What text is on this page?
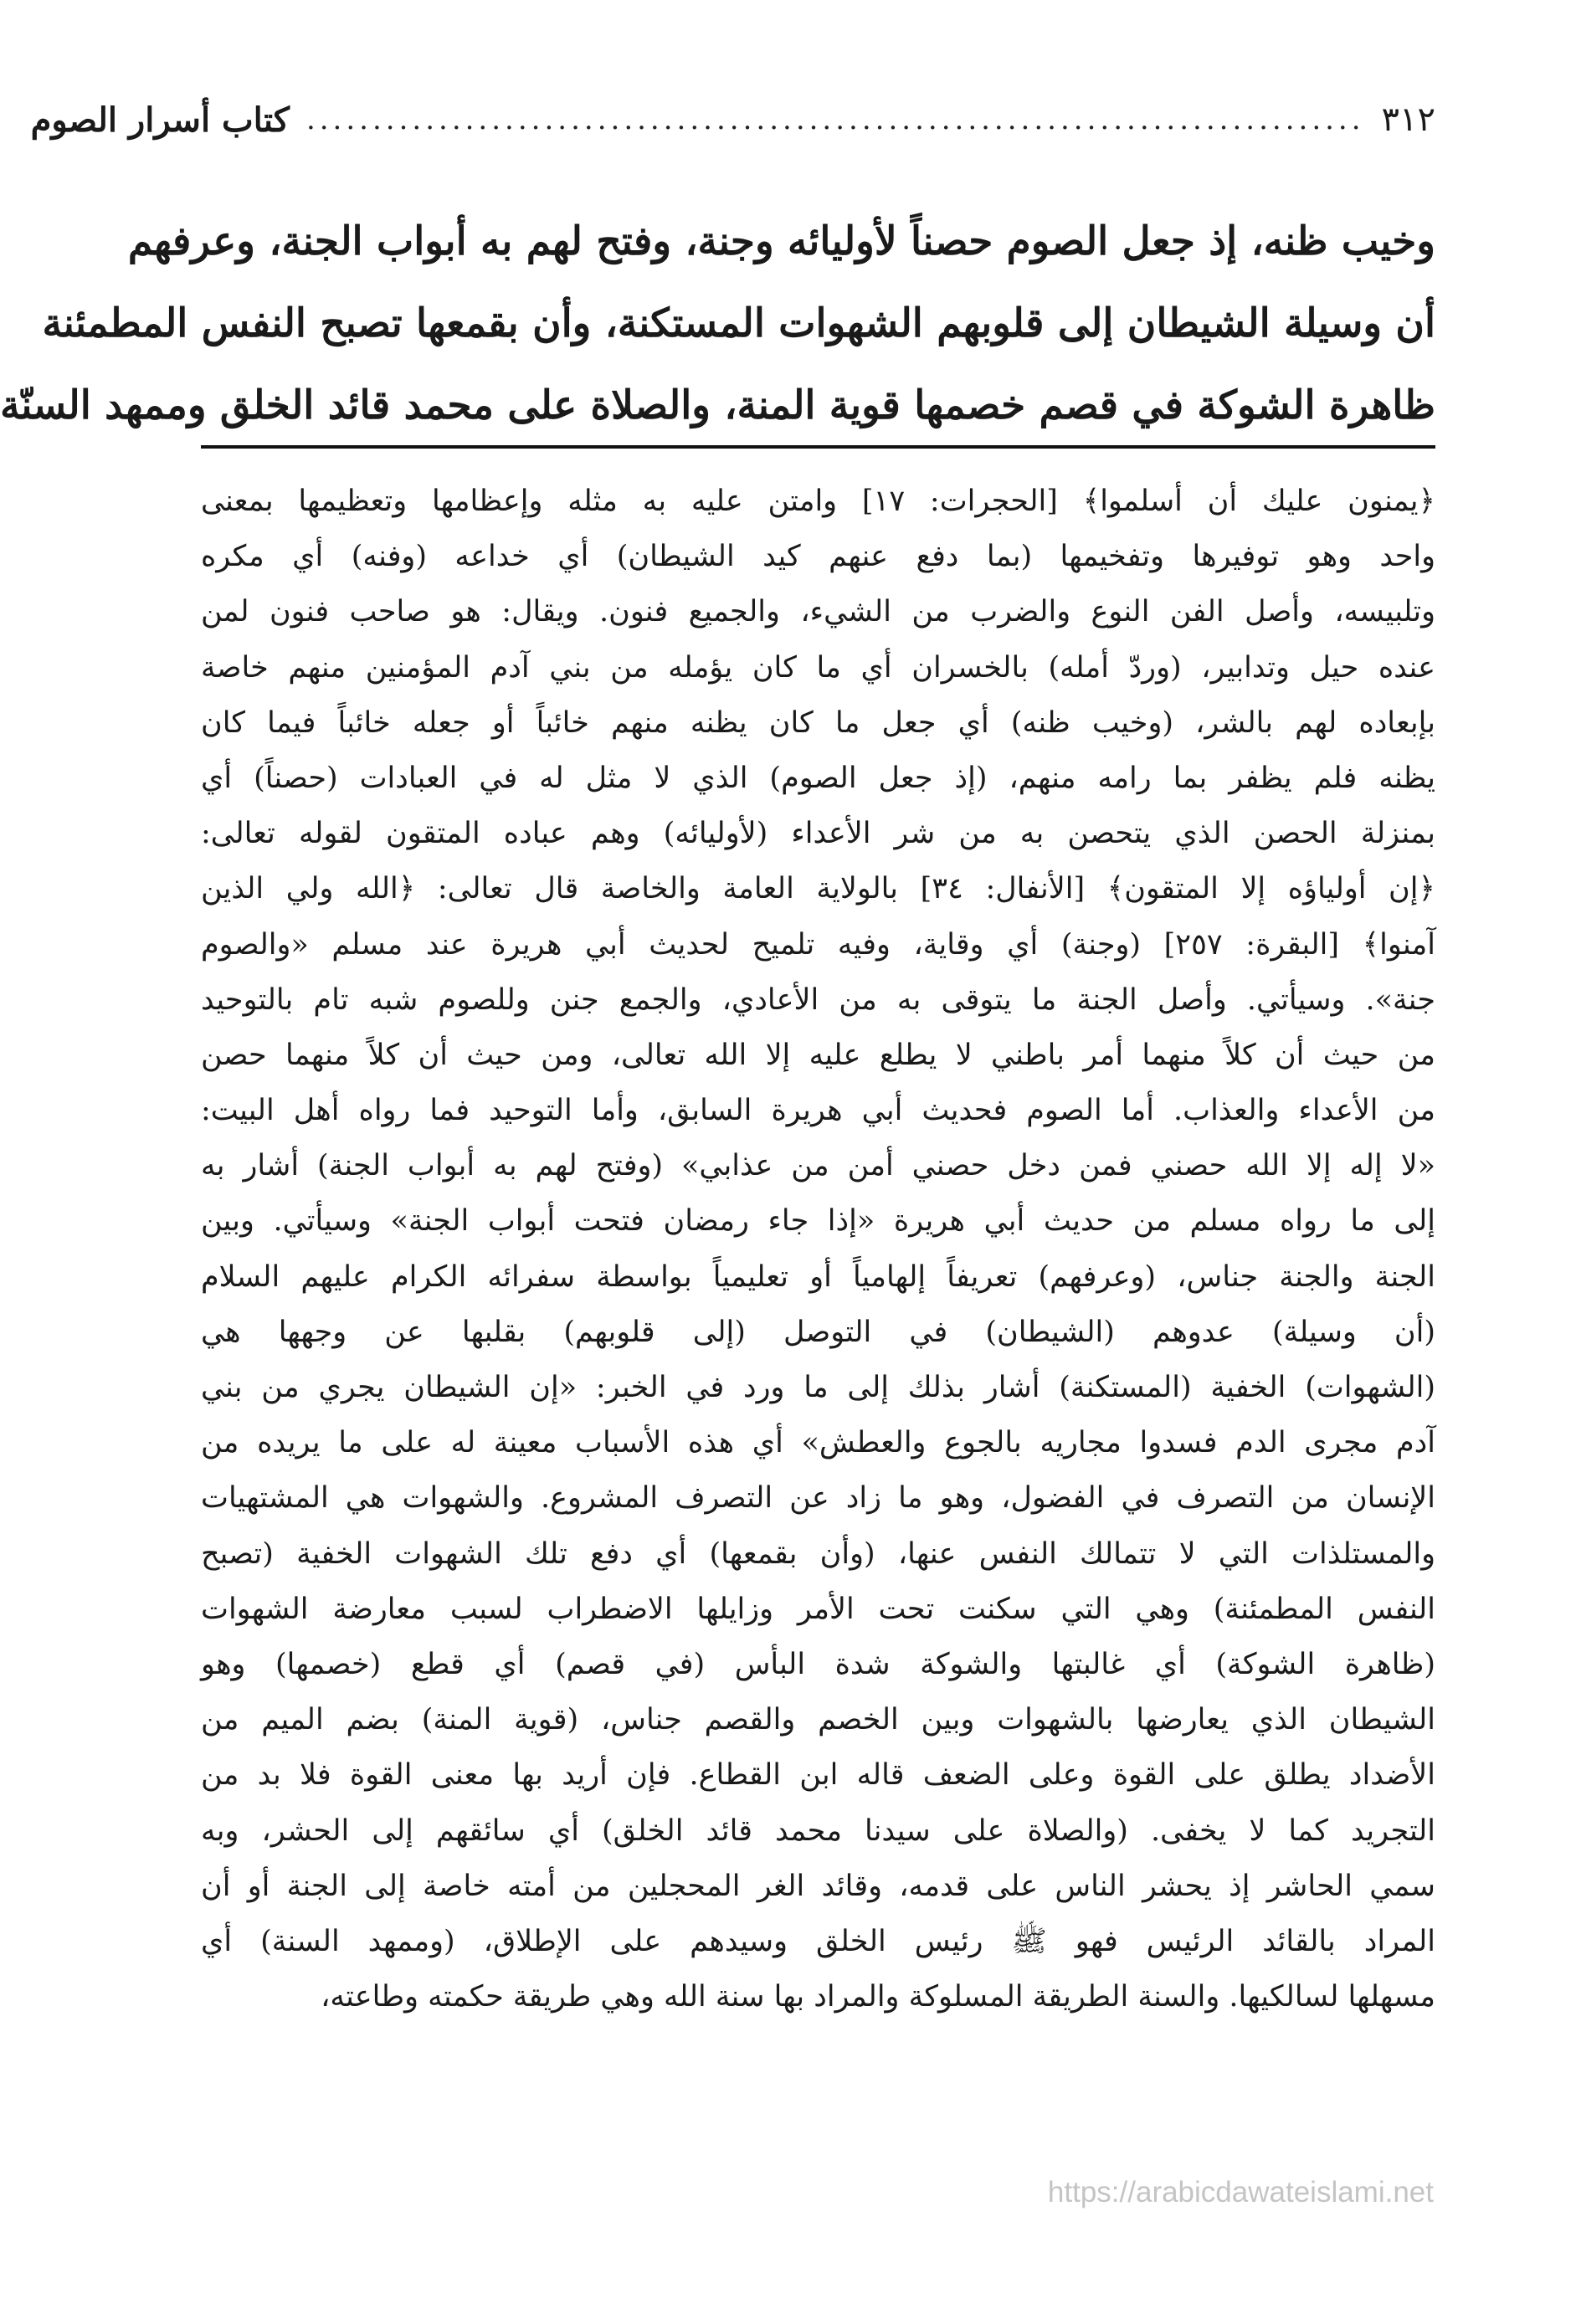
٣١٢
................................................................................
كتاب أسرار الصوم
وخيب ظنه، إذ جعل الصوم حصناً لأوليائه وجنة، وفتح لهم به أبواب الجنة، وعرفهم
أن وسيلة الشيطان إلى قلوبهم الشهوات المستكنة، وأن بقمعها تصبح النفس المطمئنة
ظاهرة الشوكة في قصم خصمها قوية المنة، والصلاة على محمد قائد الخلق وممهد السنّة
﴿يمنون عليك أن أسلموا﴾ [الحجرات: ١٧] وامتن عليه به مثله وإعظامها وتعظيمها بمعنى
واحد وهو توفيرها وتفخيمها (بما دفع عنهم كيد الشيطان) أي خداعه (وفنه) أي مكره
وتلبيسه، وأصل الفن النوع والضرب من الشيء، والجميع فنون. ويقال: هو صاحب فنون لمن
عنده حيل وتدابير، (وردّ أمله) بالخسران أي ما كان يؤمله من بني آدم المؤمنين منهم خاصة
بإبعاده لهم بالشر، (وخيب ظنه) أي جعل ما كان يظنه منهم خائباً أو جعله خائباً فيما كان
يظنه فلم يظفر بما رامه منهم، (إذ جعل الصوم) الذي لا مثل له في العبادات (حصناً) أي
بمنزلة الحصن الذي يتحصن به من شر الأعداء (لأوليائه) وهم عباده المتقون لقوله تعالى:
﴿إن أولياؤه إلا المتقون﴾ [الأنفال: ٣٤] بالولاية العامة والخاصة قال تعالى: ﴿الله ولي الذين
آمنوا﴾ [البقرة: ٢٥٧] (وجنة) أي وقاية، وفيه تلميح لحديث أبي هريرة عند مسلم «والصوم
جنة». وسيأتي. وأصل الجنة ما يتوقى به من الأعادي، والجمع جنن وللصوم شبه تام بالتوحيد
من حيث أن كلاً منهما أمر باطني لا يطلع عليه إلا الله تعالى، ومن حيث أن كلاً منهما حصن
من الأعداء والعذاب. أما الصوم فحديث أبي هريرة السابق، وأما التوحيد فما رواه أهل البيت:
«لا إله إلا الله حصني فمن دخل حصني أمن من عذابي» (وفتح لهم به أبواب الجنة) أشار به
إلى ما رواه مسلم من حديث أبي هريرة «إذا جاء رمضان فتحت أبواب الجنة» وسيأتي. وبين
الجنة والجنة جناس، (وعرفهم) تعريفاً إلهامياً أو تعليمياً بواسطة سفرائه الكرام عليهم السلام
(أن وسيلة) عدوهم (الشيطان) في التوصل (إلى قلوبهم) بقلبها عن وجهها هي
(الشهوات) الخفية (المستكنة) أشار بذلك إلى ما ورد في الخبر: «إن الشيطان يجري من بني
آدم مجرى الدم فسدوا مجاريه بالجوع والعطش» أي هذه الأسباب معينة له على ما يريده من
الإنسان من التصرف في الفضول، وهو ما زاد عن التصرف المشروع. والشهوات هي المشتهيات
والمستلذات التي لا تتمالك النفس عنها، (وأن بقمعها) أي دفع تلك الشهوات الخفية (تصبح
النفس المطمئنة) وهي التي سكنت تحت الأمر وزايلها الاضطراب لسبب معارضة الشهوات
(ظاهرة الشوكة) أي غالبتها والشوكة شدة البأس (في قصم) أي قطع (خصمها) وهو
الشيطان الذي يعارضها بالشهوات وبين الخصم والقصم جناس، (قوية المنة) بضم الميم من
الأضداد يطلق على القوة وعلى الضعف قاله ابن القطاع. فإن أريد بها معنى القوة فلا بد من
التجريد كما لا يخفى. (والصلاة على سيدنا محمد قائد الخلق) أي سائقهم إلى الحشر، وبه
سمي الحاشر إذ يحشر الناس على قدمه، وقائد الغر المحجلين من أمته خاصة إلى الجنة أو أن
المراد بالقائد الرئيس فهو ﷺ رئيس الخلق وسيدهم على الإطلاق، (وممهد السنة) أي
مسهلها لسالكيها. والسنة الطريقة المسلوكة والمراد بها سنة الله وهي طريقة حكمته وطاعته،
https://arabicdawateislami.net
